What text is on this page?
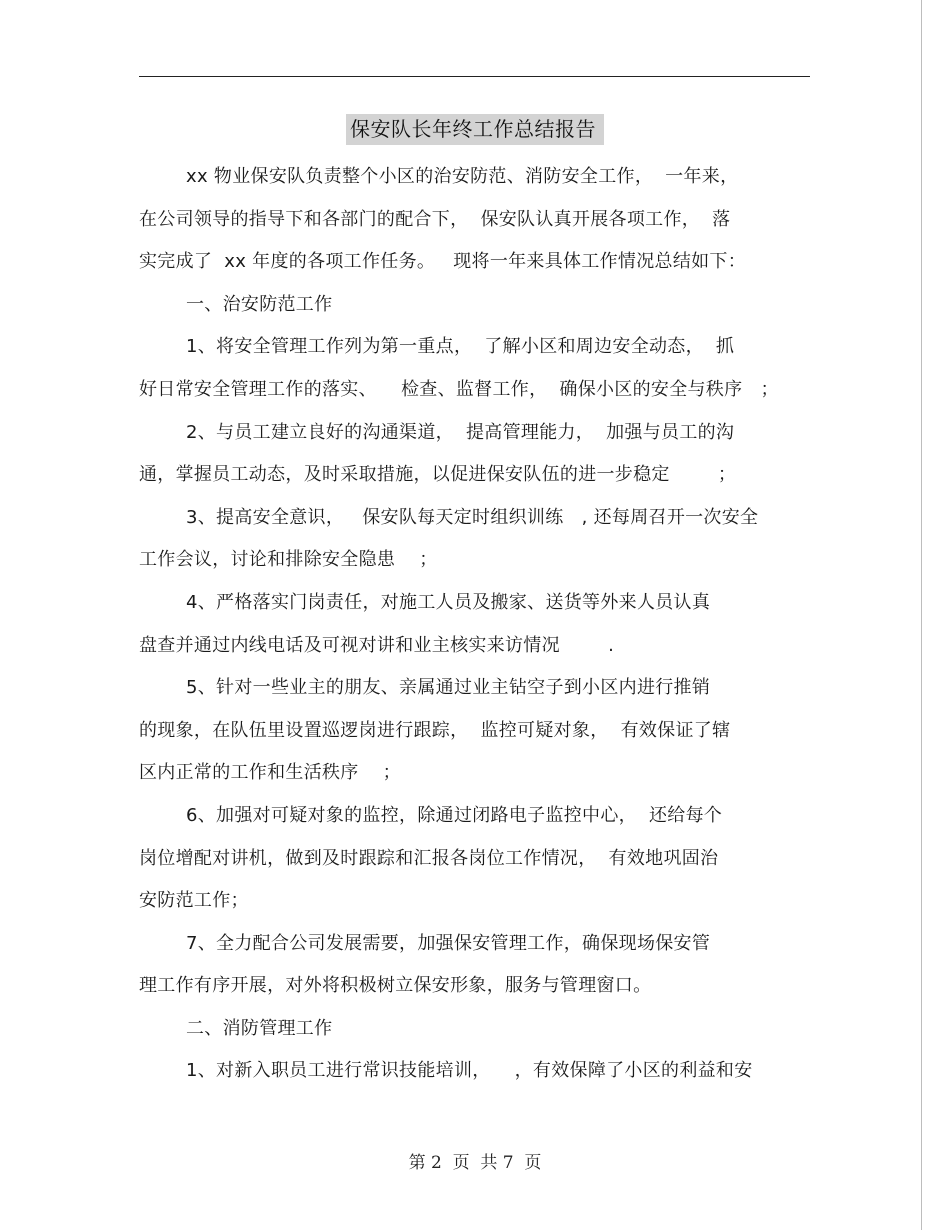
保安队长年终工作总结报告
xx 物业保安队负责整个小区的治安防范、消防安全工作，  一年来，
在公司领导的指导下和各部门的配合下，  保安队认真开展各项工作，  落
实完成了  xx 年度的各项工作任务。   现将一年来具体工作情况总结如下：
一、治安防范工作
1、将安全管理工作列为第一重点，  了解小区和周边安全动态，  抓
好日常安全管理工作的落实、    检查、监督工作，  确保小区的安全与秩序   ；
2、与员工建立良好的沟通渠道，  提高管理能力，  加强与员工的沟
通，掌握员工动态，及时采取措施，以促进保安队伍的进一步稳定        ；
3、提高安全意识，   保安队每天定时组织训练   , 还每周召开一次安全
工作会议，讨论和排除安全隐患    ；
4、严格落实门岗责任，对施工人员及搬家、送货等外来人员认真
盘查并通过内线电话及可视对讲和业主核实来访情况        .
5、针对一些业主的朋友、亲属通过业主钻空子到小区内进行推销
的现象，在队伍里设置巡逻岗进行跟踪，  监控可疑对象，  有效保证了辖
区内正常的工作和生活秩序    ；
6、加强对可疑对象的监控，除通过闭路电子监控中心，  还给每个
岗位增配对讲机，做到及时跟踪和汇报各岗位工作情况，  有效地巩固治
安防范工作；
7、全力配合公司发展需要，加强保安管理工作，确保现场保安管
理工作有序开展，对外将积极树立保安形象，服务与管理窗口。
二、消防管理工作
1、对新入职员工进行常识技能培训，    ，有效保障了小区的利益和安
第 2  页  共 7  页
